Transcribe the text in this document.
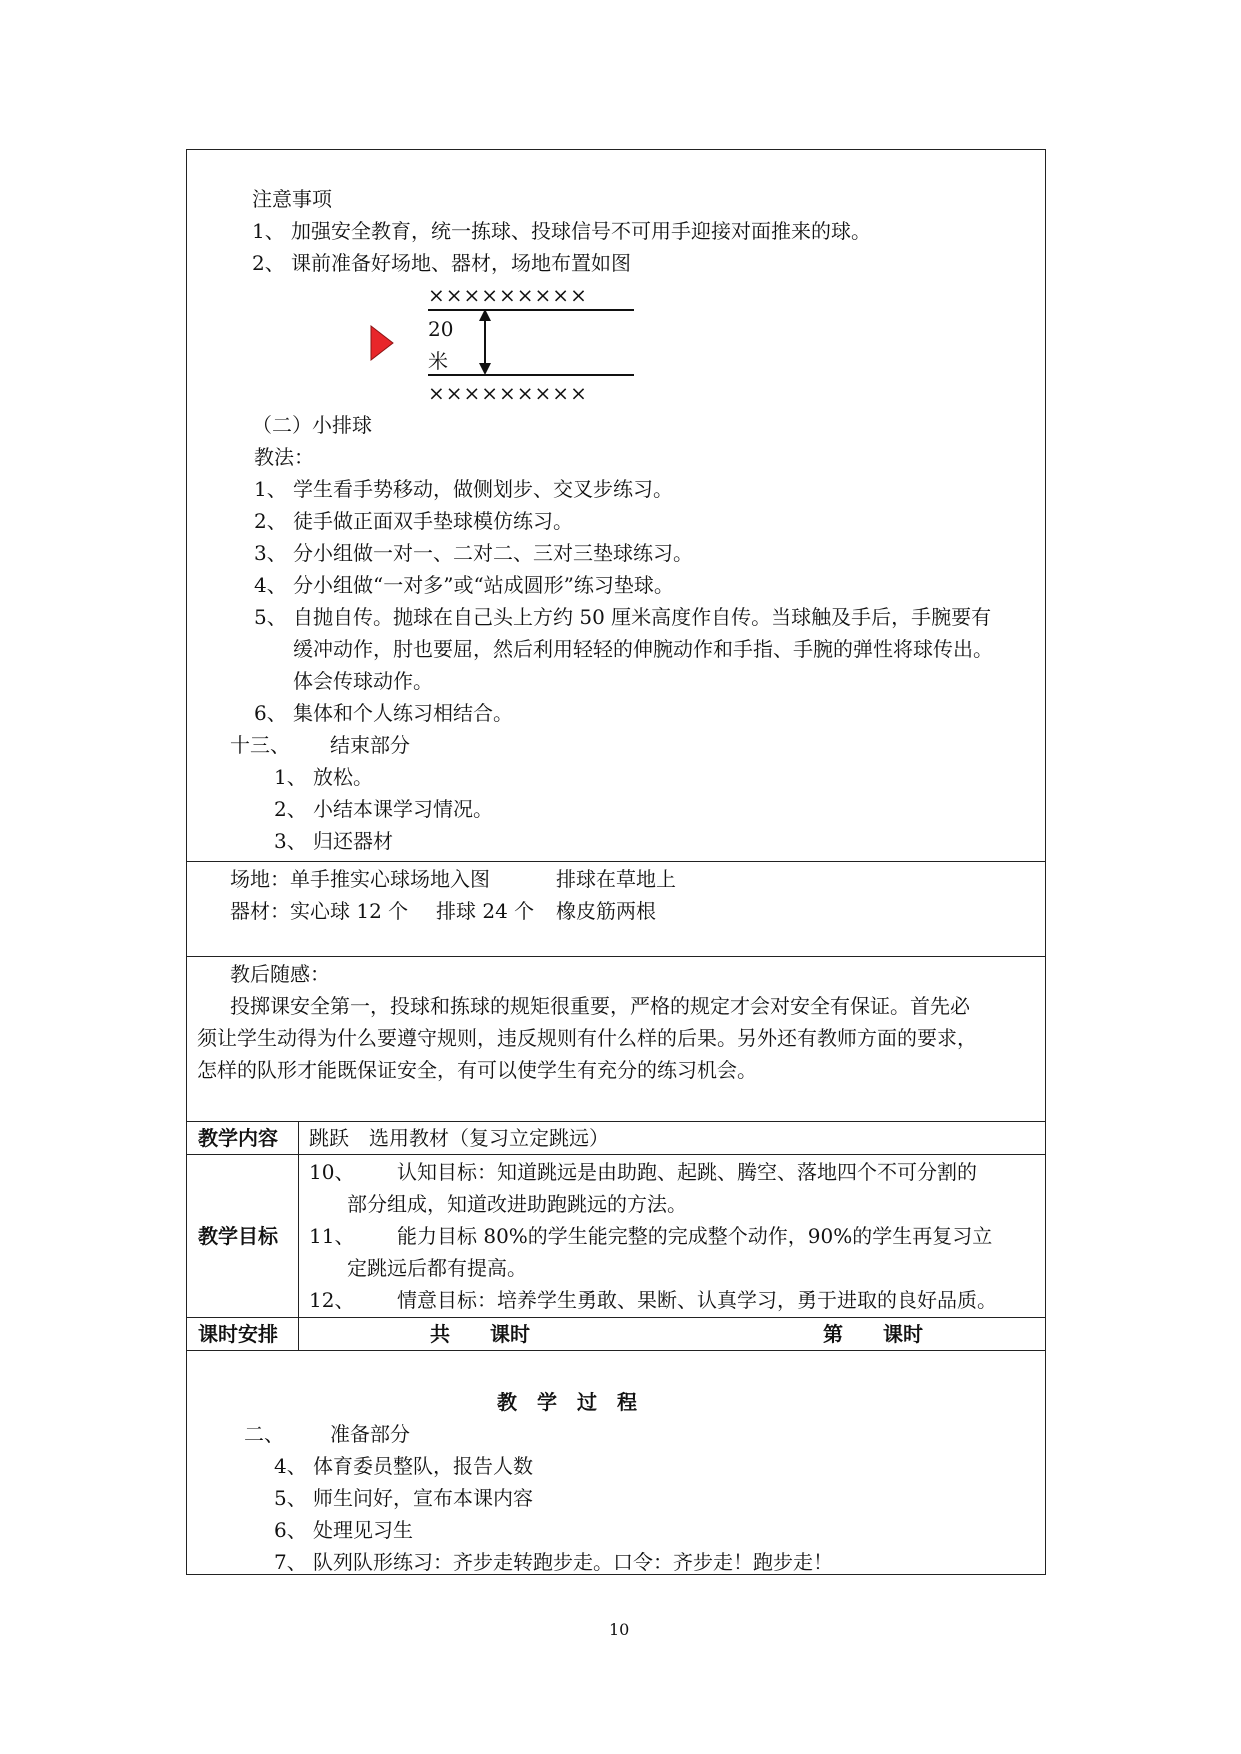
注意事项
1、 加强安全教育，统一拣球、投球信号不可用手迎接对面推来的球。
2、 课前准备好场地、器材，场地布置如图
×××××××××
20
米
×××××××××
（二）小排球
教法：
1、 学生看手势移动，做侧划步、交叉步练习。
2、 徒手做正面双手垫球模仿练习。
3、 分小组做一对一、二对二、三对三垫球练习。
4、 分小组做“一对多”或“站成圆形”练习垫球。
5、 自抛自传。抛球在自己头上方约 50 厘米高度作自传。当球触及手后，手腕要有
缓冲动作，肘也要屈，然后利用轻轻的伸腕动作和手指、手腕的弹性将球传出。
体会传球动作。
6、 集体和个人练习相结合。
十三、 结束部分
1、 放松。
2、 小结本课学习情况。
3、 归还器材
场地：单手推实心球场地入图	排球在草地上
器材：实心球 12 个 排球 24 个 橡皮筋两根
教后随感：
投掷课安全第一，投球和拣球的规矩很重要，严格的规定才会对安全有保证。首先必
须让学生动得为什么要遵守规则，违反规则有什么样的后果。另外还有教师方面的要求，
怎样的队形才能既保证安全，有可以使学生有充分的练习机会。
教学内容 跳跃　选用教材（复习立定跳远）
教学目标
10、 认知目标：知道跳远是由助跑、起跳、腾空、落地四个不可分割的
部分组成，知道改进助跑跳远的方法。
11、 能力目标 80%的学生能完整的完成整个动作，90%的学生再复习立
定跳远后都有提高。
12、 情意目标：培养学生勇敢、果断、认真学习，勇于进取的良好品质。
课时安排	共　　课时	第　　课时
教　学　过　程
二、 准备部分
4、 体育委员整队，报告人数
5、 师生问好，宣布本课内容
6、 处理见习生
7、 队列队形练习：齐步走转跑步走。口令：齐步走！跑步走！
10
